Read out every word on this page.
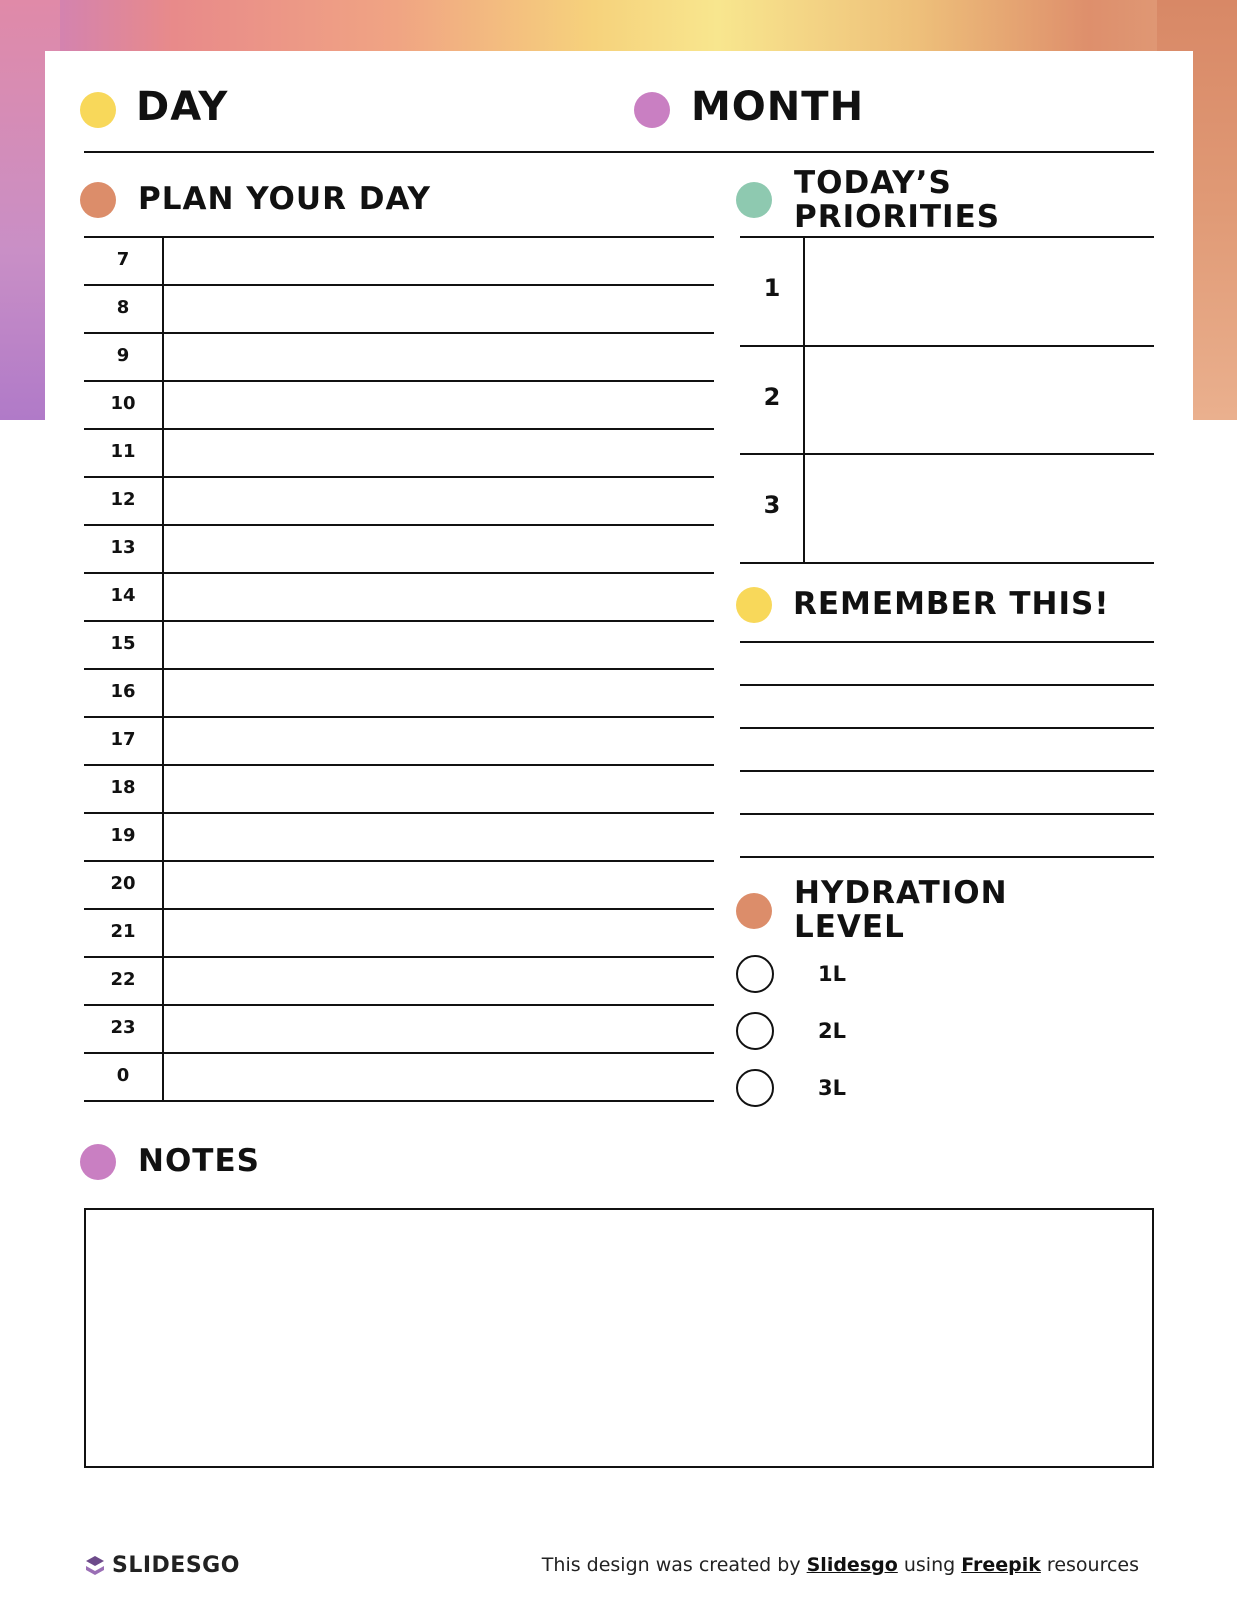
DAY	MONTH
PLAN YOUR DAY
7
8
9
10
11
12
13
14
15
16
17
18
19
20
21
22
23
0
TODAY’S
PRIORITIES
1
2
3
REMEMBER THIS!
HYDRATION
LEVEL
1L
2L
3L
NOTES
SLIDESGO	This design was created by Slidesgo using Freepik resources
